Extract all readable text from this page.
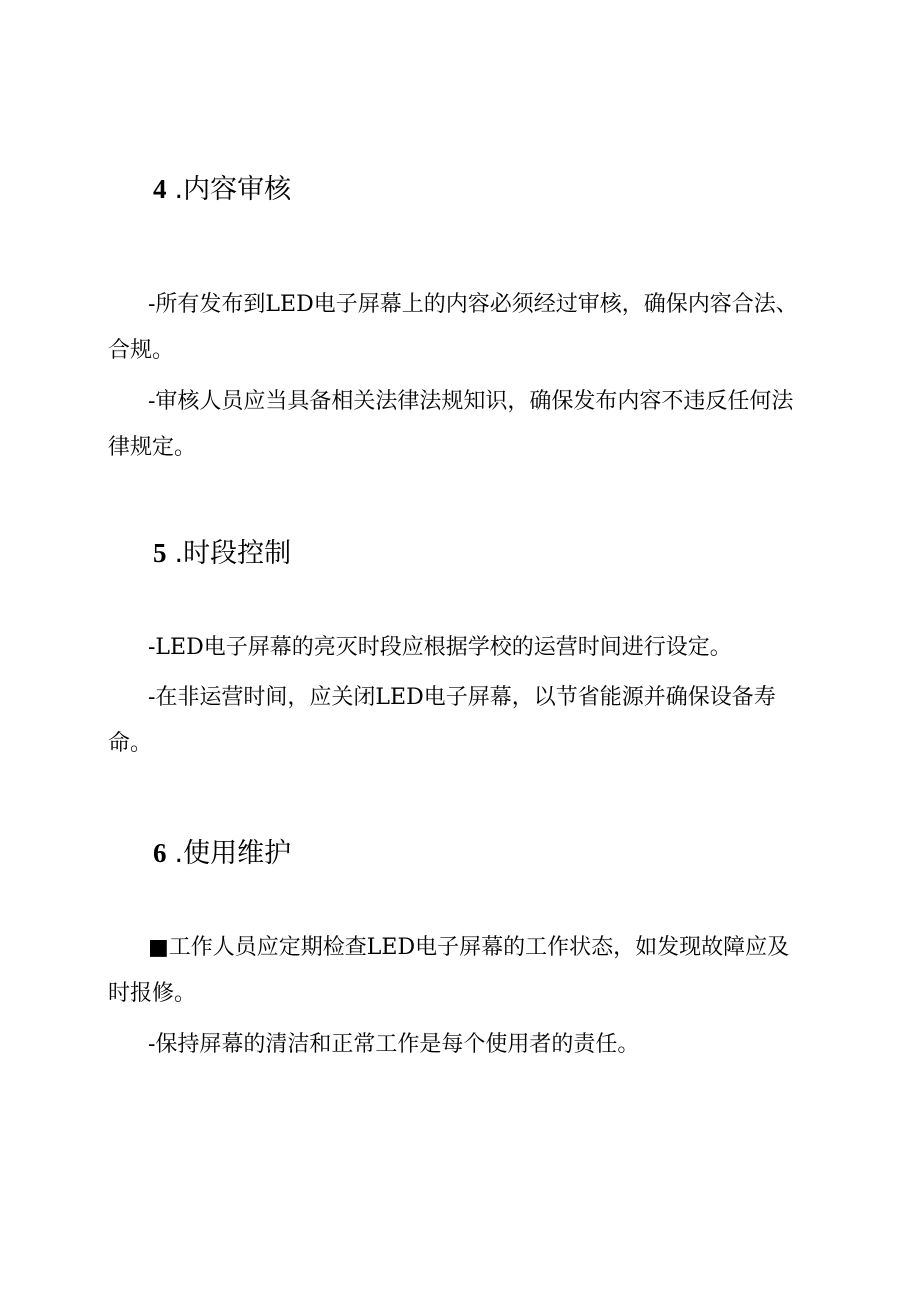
4 .内容审核

-所有发布到LED电子屏幕上的内容必须经过审核，确保内容合法、合规。

-审核人员应当具备相关法律法规知识，确保发布内容不违反任何法律规定。

5 .时段控制

-LED电子屏幕的亮灭时段应根据学校的运营时间进行设定。

-在非运营时间，应关闭LED电子屏幕，以节省能源并确保设备寿命。

6 .使用维护

■工作人员应定期检查LED电子屏幕的工作状态，如发现故障应及时报修。

-保持屏幕的清洁和正常工作是每个使用者的责任。
